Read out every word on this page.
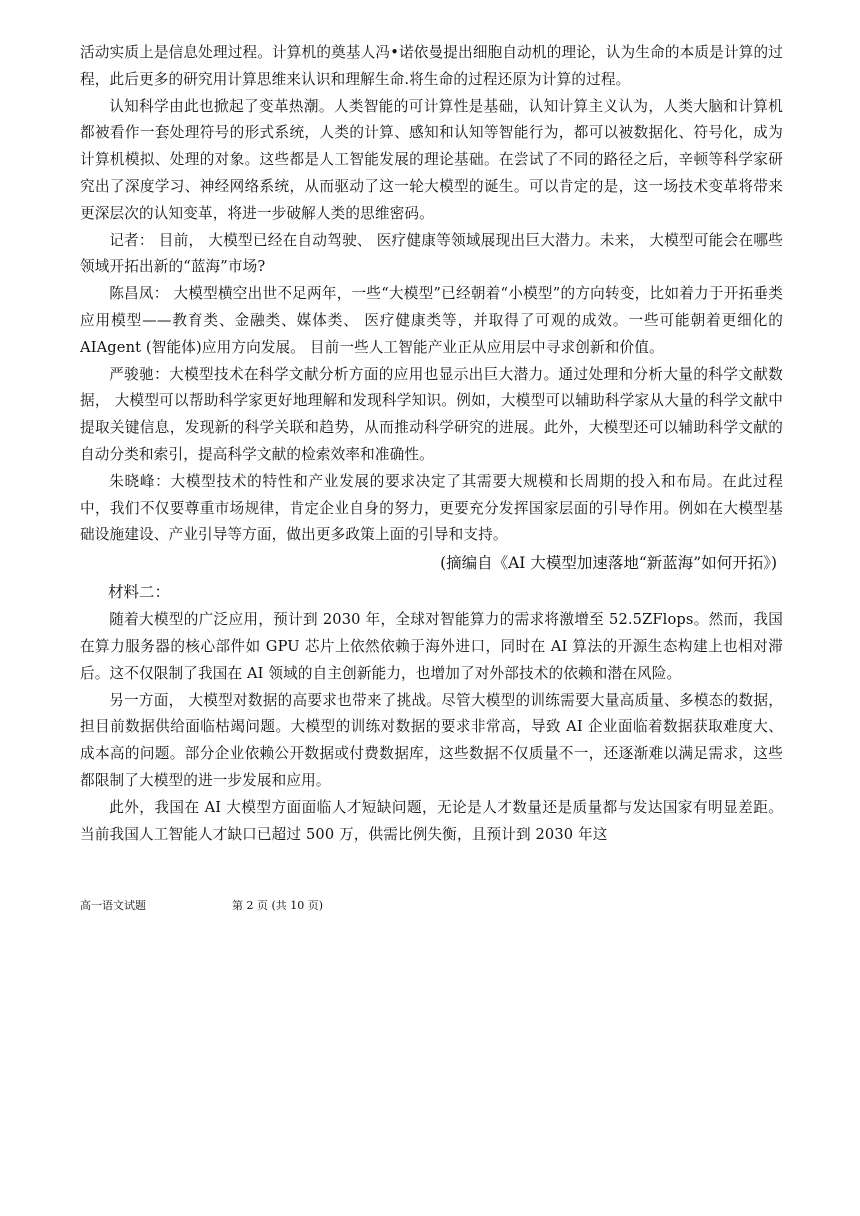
活动实质上是信息处理过程。计算机的奠基人冯•诺依曼提出细胞自动机的理论，认为生命的本质是计算的过程，此后更多的研究用计算思维来认识和理解生命.将生命的过程还原为计算的过程。

认知科学由此也掀起了变革热潮。人类智能的可计算性是基础，认知计算主义认为，人类大脑和计算机都被看作一套处理符号的形式系统，人类的计算、感知和认知等智能行为，都可以被数据化、符号化，成为计算机模拟、处理的对象。这些都是人工智能发展的理论基础。在尝试了不同的路径之后，辛顿等科学家研究出了深度学习、神经网络系统，从而驱动了这一轮大模型的诞生。可以肯定的是，这一场技术变革将带来更深层次的认知变革，将进一步破解人类的思维密码。

记者： 目前， 大模型已经在自动驾驶、 医疗健康等领域展现出巨大潜力。未来， 大模型可能会在哪些领域开拓出新的“蓝海”市场?

陈昌凤： 大模型横空出世不足两年，一些“大模型”已经朝着“小模型”的方向转变，比如着力于开拓垂类应用模型——教育类、金融类、媒体类、 医疗健康类等，并取得了可观的成效。一些可能朝着更细化的 AIAgent (智能体)应用方向发展。 目前一些人工智能产业正从应用层中寻求创新和价值。

严骏驰：大模型技术在科学文献分析方面的应用也显示出巨大潜力。通过处理和分析大量的科学文献数据， 大模型可以帮助科学家更好地理解和发现科学知识。例如，大模型可以辅助科学家从大量的科学文献中提取关键信息，发现新的科学关联和趋势，从而推动科学研究的进展。此外，大模型还可以辅助科学文献的自动分类和索引，提高科学文献的检索效率和准确性。

朱晓峰：大模型技术的特性和产业发展的要求决定了其需要大规模和长周期的投入和布局。在此过程中，我们不仅要尊重市场规律，肯定企业自身的努力，更要充分发挥国家层面的引导作用。例如在大模型基础设施建设、产业引导等方面，做出更多政策上面的引导和支持。

(摘编自《AI 大模型加速落地“新蓝海”如何开拓》)

材料二：

随着大模型的广泛应用，预计到 2030 年，全球对智能算力的需求将激增至 52.5ZFlops。然而，我国在算力服务器的核心部件如 GPU 芯片上依然依赖于海外进口，同时在 AI 算法的开源生态构建上也相对滞后。这不仅限制了我国在 AI 领域的自主创新能力，也增加了对外部技术的依赖和潜在风险。

另一方面， 大模型对数据的高要求也带来了挑战。尽管大模型的训练需要大量高质量、多模态的数据，担目前数据供给面临枯竭问题。大模型的训练对数据的要求非常高，导致 AI 企业面临着数据获取难度大、成本高的问题。部分企业依赖公开数据或付费数据库，这些数据不仅质量不一，还逐渐难以满足需求，这些都限制了大模型的进一步发展和应用。

此外，我国在 AI 大模型方面面临人才短缺问题，无论是人才数量还是质量都与发达国家有明显差距。当前我国人工智能人才缺口已超过 500 万，供需比例失衡，且预计到 2030 年这

高一语文试题	第 2 页 (共 10 页)
